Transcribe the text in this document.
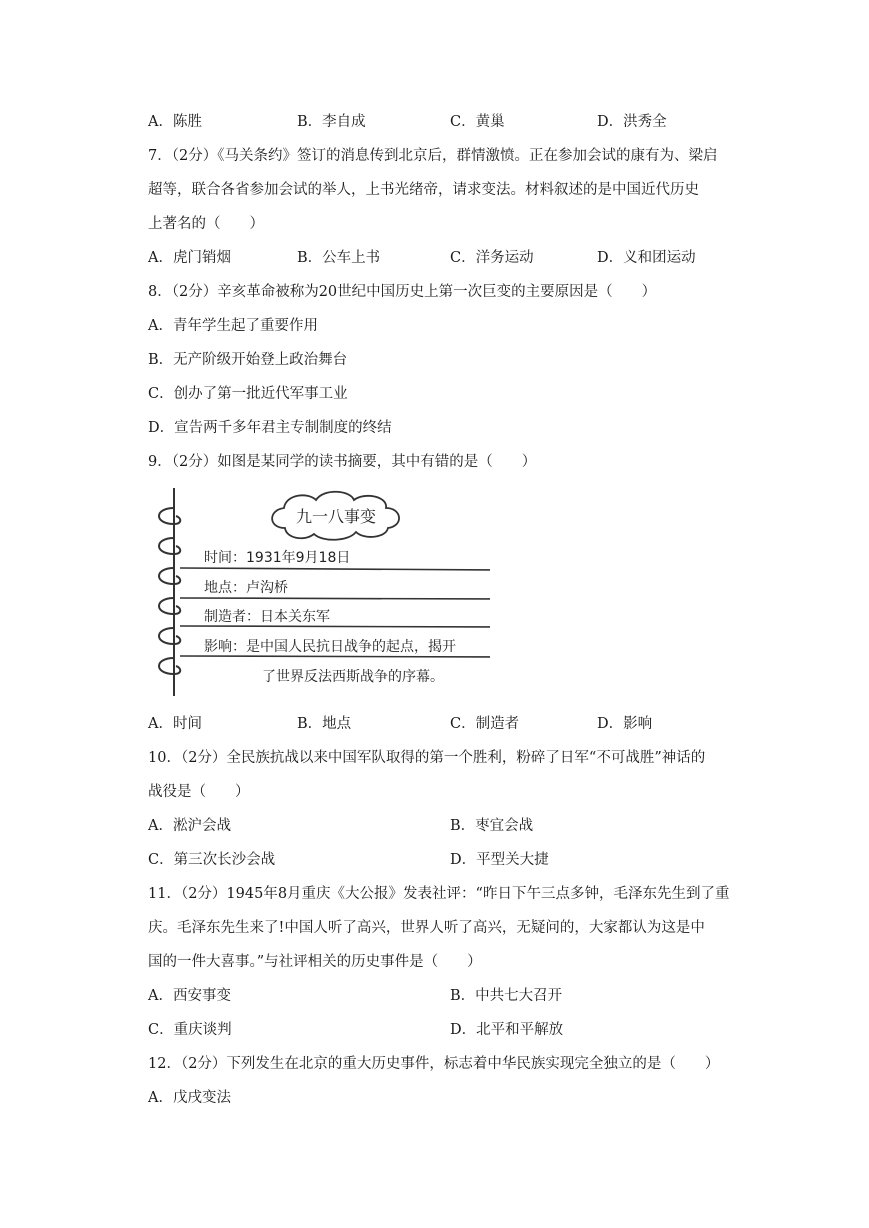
A．陈胜	B．李自成	C．黄巢	D．洪秀全
7．（2分）《马关条约》签订的消息传到北京后，群情激愤。正在参加会试的康有为、梁启
超等，联合各省参加会试的举人，上书光绪帝，请求变法。材料叙述的是中国近代历史
上著名的（　　）
A．虎门销烟	B．公车上书	C．洋务运动	D．义和团运动
8．（2分）辛亥革命被称为20世纪中国历史上第一次巨变的主要原因是（　　）
A．青年学生起了重要作用
B．无产阶级开始登上政治舞台
C．创办了第一批近代军事工业
D．宣告两千多年君主专制制度的终结
9．（2分）如图是某同学的读书摘要，其中有错的是（　　）
九一八事变
时间：1931年9月18日
地点：卢沟桥
制造者：日本关东军
影响：是中国人民抗日战争的起点，揭开
了世界反法西斯战争的序幕。
A．时间	B．地点	C．制造者	D．影响
10．（2分）全民族抗战以来中国军队取得的第一个胜利，粉碎了日军“不可战胜”神话的
战役是（　　）
A．淞沪会战	B．枣宜会战
C．第三次长沙会战	D．平型关大捷
11．（2分）1945年8月重庆《大公报》发表社评：“昨日下午三点多钟，毛泽东先生到了重
庆。毛泽东先生来了!中国人听了高兴，世界人听了高兴，无疑问的，大家都认为这是中
国的一件大喜事。”与社评相关的历史事件是（　　）
A．西安事变	B．中共七大召开
C．重庆谈判	D．北平和平解放
12．（2分）下列发生在北京的重大历史事件，标志着中华民族实现完全独立的是（　　）
A．戊戌变法
